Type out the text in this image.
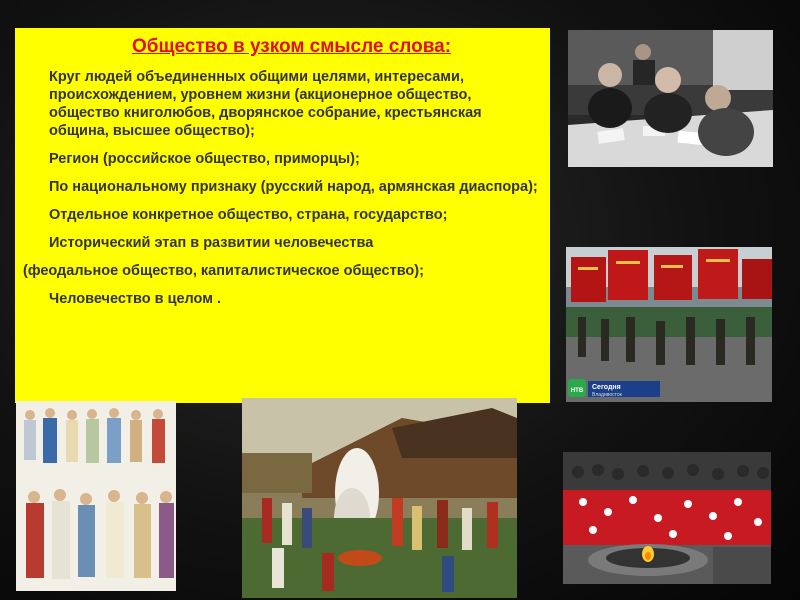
Общество в узком смысле слова:
Круг людей объединенных общими целями, интересами, происхождением, уровнем жизни (акционерное общество, общество книголюбов, дворянское собрание, крестьянская община, высшее общество);
Регион (российское общество, приморцы);
По национальному признаку (русский народ, армянская диаспора);
Отдельное конкретное общество, страна, государство;
Исторический этап в развитии человечества
(феодальное общество, капиталистическое общество);
Человечество в целом .
НТВ Сегодня
Владивосток
